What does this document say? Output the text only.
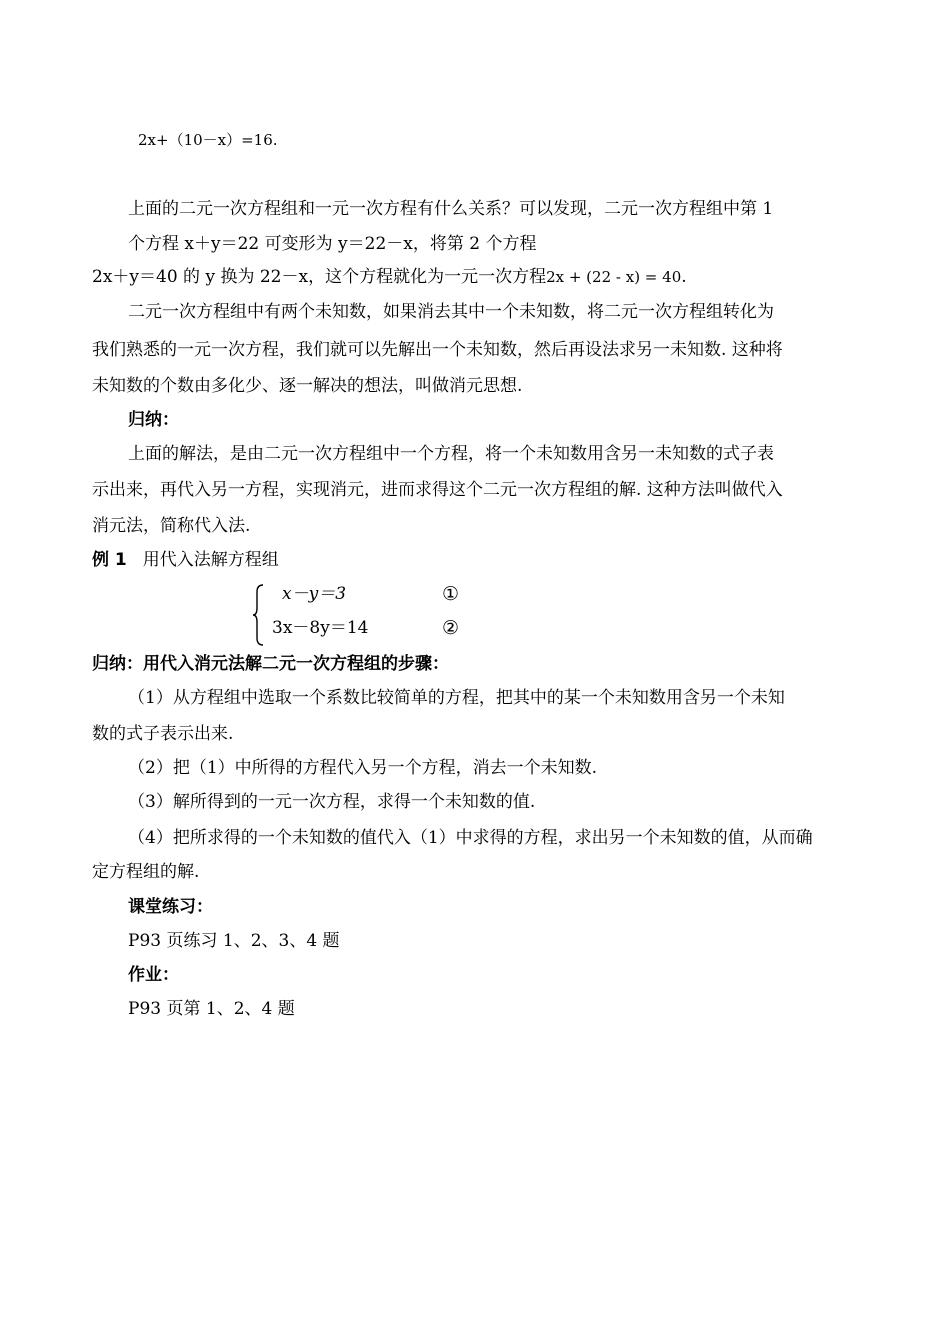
2x+（10－x）=16.

上面的二元一次方程组和一元一次方程有什么关系？可以发现，二元一次方程组中第 1

个方程 x＋y＝22 可变形为 y＝22－x，将第 2 个方程

2x＋y＝40 的 y 换为 22－x，这个方程就化为一元一次方程2x + (22 - x) = 40.

二元一次方程组中有两个未知数，如果消去其中一个未知数，将二元一次方程组转化为

我们熟悉的一元一次方程，我们就可以先解出一个未知数，然后再设法求另一未知数. 这种将

未知数的个数由多化少、逐一解决的想法，叫做消元思想.

归纳：

上面的解法，是由二元一次方程组中一个方程，将一个未知数用含另一未知数的式子表

示出来，再代入另一方程，实现消元，进而求得这个二元一次方程组的解. 这种方法叫做代入

消元法，简称代入法.

例 1 用代入法解方程组

x－y＝3	①
3x－8y＝14	②

归纳：用代入消元法解二元一次方程组的步骤：

（1）从方程组中选取一个系数比较简单的方程，把其中的某一个未知数用含另一个未知

数的式子表示出来.

（2）把（1）中所得的方程代入另一个方程，消去一个未知数.

（3）解所得到的一元一次方程，求得一个未知数的值.

（4）把所求得的一个未知数的值代入（1）中求得的方程，求出另一个未知数的值，从而确

定方程组的解.

课堂练习：

P93 页练习 1、2、3、4 题

作业：

P93 页第 1、2、4 题
